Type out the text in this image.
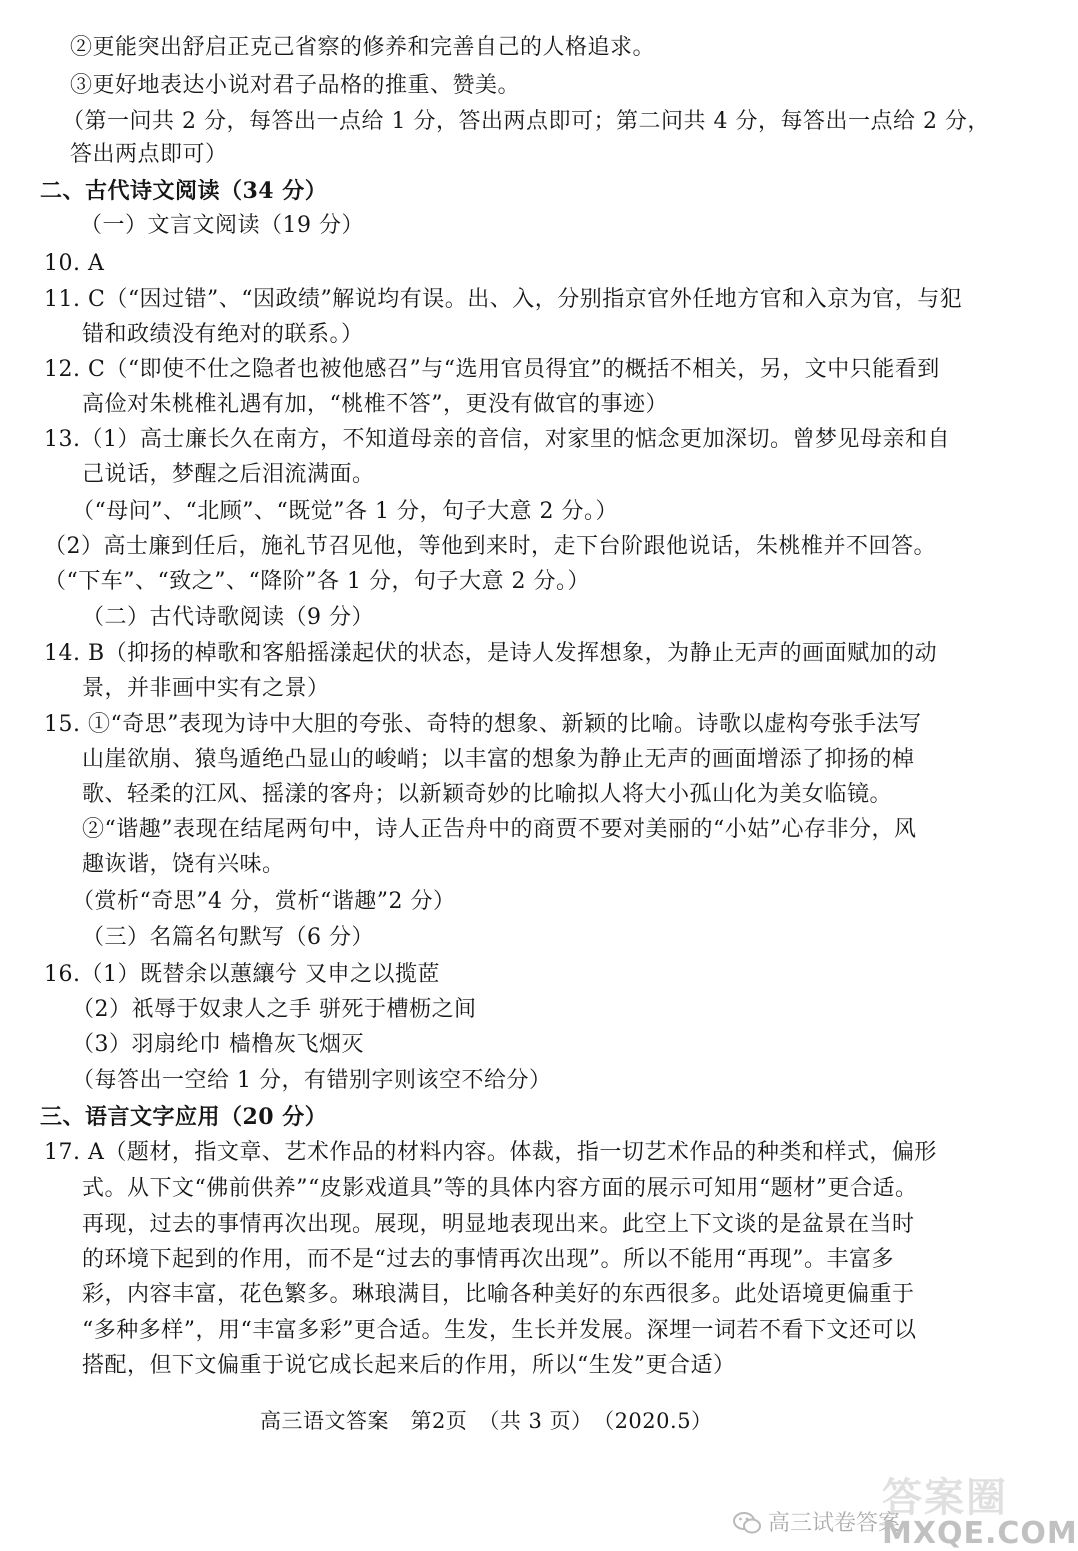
②更能突出舒启正克己省察的修养和完善自己的人格追求。
③更好地表达小说对君子品格的推重、赞美。
（第一问共 2 分，每答出一点给 1 分，答出两点即可；第二问共 4 分，每答出一点给 2 分，
答出两点即可）
二、古代诗文阅读（34 分）
（一）文言文阅读（19 分）
10. A
11. C（“因过错”、“因政绩”解说均有误。出、入，分别指京官外任地方官和入京为官，与犯
错和政绩没有绝对的联系。）
12. C（“即使不仕之隐者也被他感召”与“选用官员得宜”的概括不相关，另，文中只能看到
高俭对朱桃椎礼遇有加，“桃椎不答”，更没有做官的事迹）
13.（1）高士廉长久在南方，不知道母亲的音信，对家里的惦念更加深切。曾梦见母亲和自
己说话，梦醒之后泪流满面。
（“母问”、“北顾”、“既觉”各 1 分，句子大意 2 分。）
（2）高士廉到任后，施礼节召见他，等他到来时，走下台阶跟他说话，朱桃椎并不回答。
（“下车”、“致之”、“降阶”各 1 分，句子大意 2 分。）
（二）古代诗歌阅读（9 分）
14. B（抑扬的棹歌和客船摇漾起伏的状态，是诗人发挥想象，为静止无声的画面赋加的动
景，并非画中实有之景）
15. ①“奇思”表现为诗中大胆的夸张、奇特的想象、新颖的比喻。诗歌以虚构夸张手法写
山崖欲崩、猿鸟遁绝凸显山的峻峭；以丰富的想象为静止无声的画面增添了抑扬的棹
歌、轻柔的江风、摇漾的客舟；以新颖奇妙的比喻拟人将大小孤山化为美女临镜。
②“谐趣”表现在结尾两句中，诗人正告舟中的商贾不要对美丽的“小姑”心存非分，风
趣诙谐，饶有兴味。
（赏析“奇思”4 分，赏析“谐趣”2 分）
（三）名篇名句默写（6 分）
16.（1）既替余以蕙纕兮 又申之以揽茝
（2）祇辱于奴隶人之手 骈死于槽枥之间
（3）羽扇纶巾 樯橹灰飞烟灭
（每答出一空给 1 分，有错别字则该空不给分）
三、语言文字应用（20 分）
17. A（题材，指文章、艺术作品的材料内容。体裁，指一切艺术作品的种类和样式，偏形
式。从下文“佛前供养”“皮影戏道具”等的具体内容方面的展示可知用“题材”更合适。
再现，过去的事情再次出现。展现，明显地表现出来。此空上下文谈的是盆景在当时
的环境下起到的作用，而不是“过去的事情再次出现”。所以不能用“再现”。丰富多
彩，内容丰富，花色繁多。琳琅满目，比喻各种美好的东西很多。此处语境更偏重于
“多种多样”，用“丰富多彩”更合适。生发，生长并发展。深埋一词若不看下文还可以
搭配，但下文偏重于说它成长起来后的作用，所以“生发”更合适）
高三语文答案　第2页　（共 3 页）　（2020.5）
答案圈
高三试卷答案
MXQE.COM
